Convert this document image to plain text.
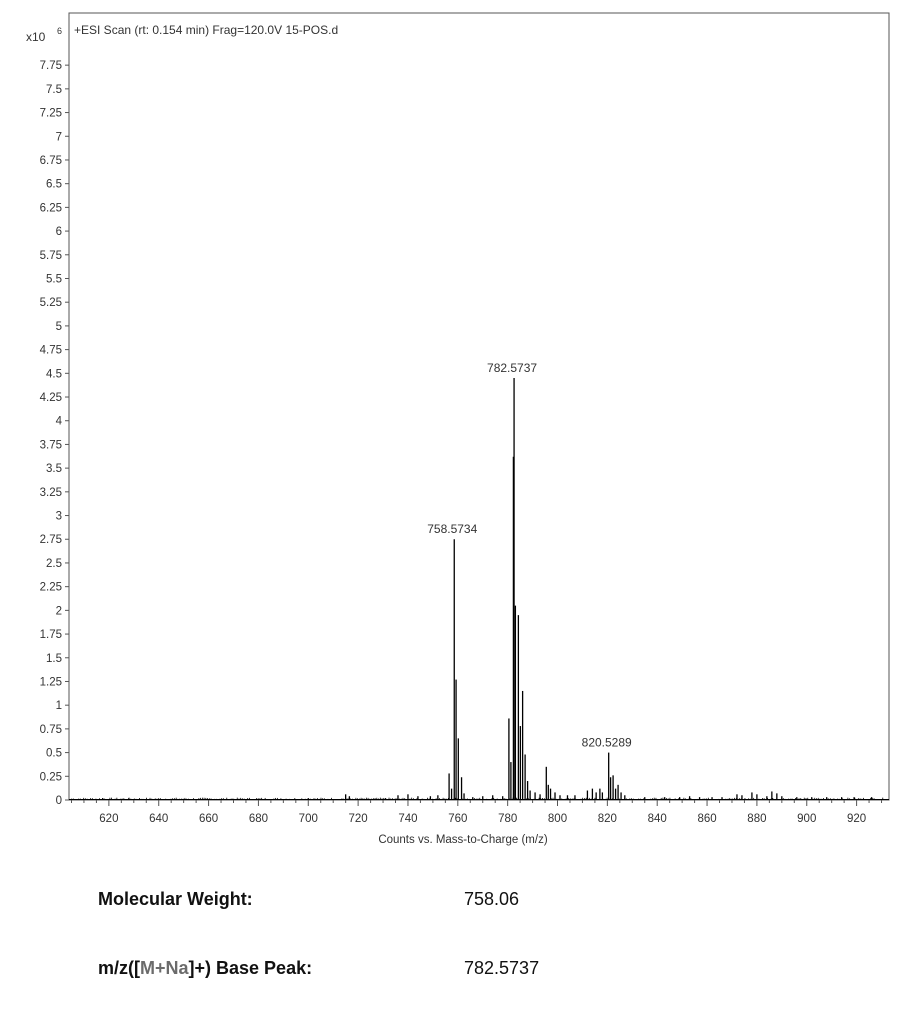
0
0.25
0.5
0.75
1
1.25
1.5
1.75
2
2.25
2.5
2.75
3
3.25
3.5
3.75
4
4.25
4.5
4.75
5
5.25
5.5
5.75
6
6.25
6.5
6.75
7
7.25
7.5
7.75
620	640	660	680	700	720	740	760	780	800	820	840	860	880	900	920
758.5734
782.5737
820.5289
x10 6 +ESI Scan (rt: 0.154 min) Frag=120.0V 15-POS.d
Counts vs. Mass-to-Charge (m/z)
Molecular Weight:	758.06
m/z([M+Na]+) Base Peak:	782.5737
